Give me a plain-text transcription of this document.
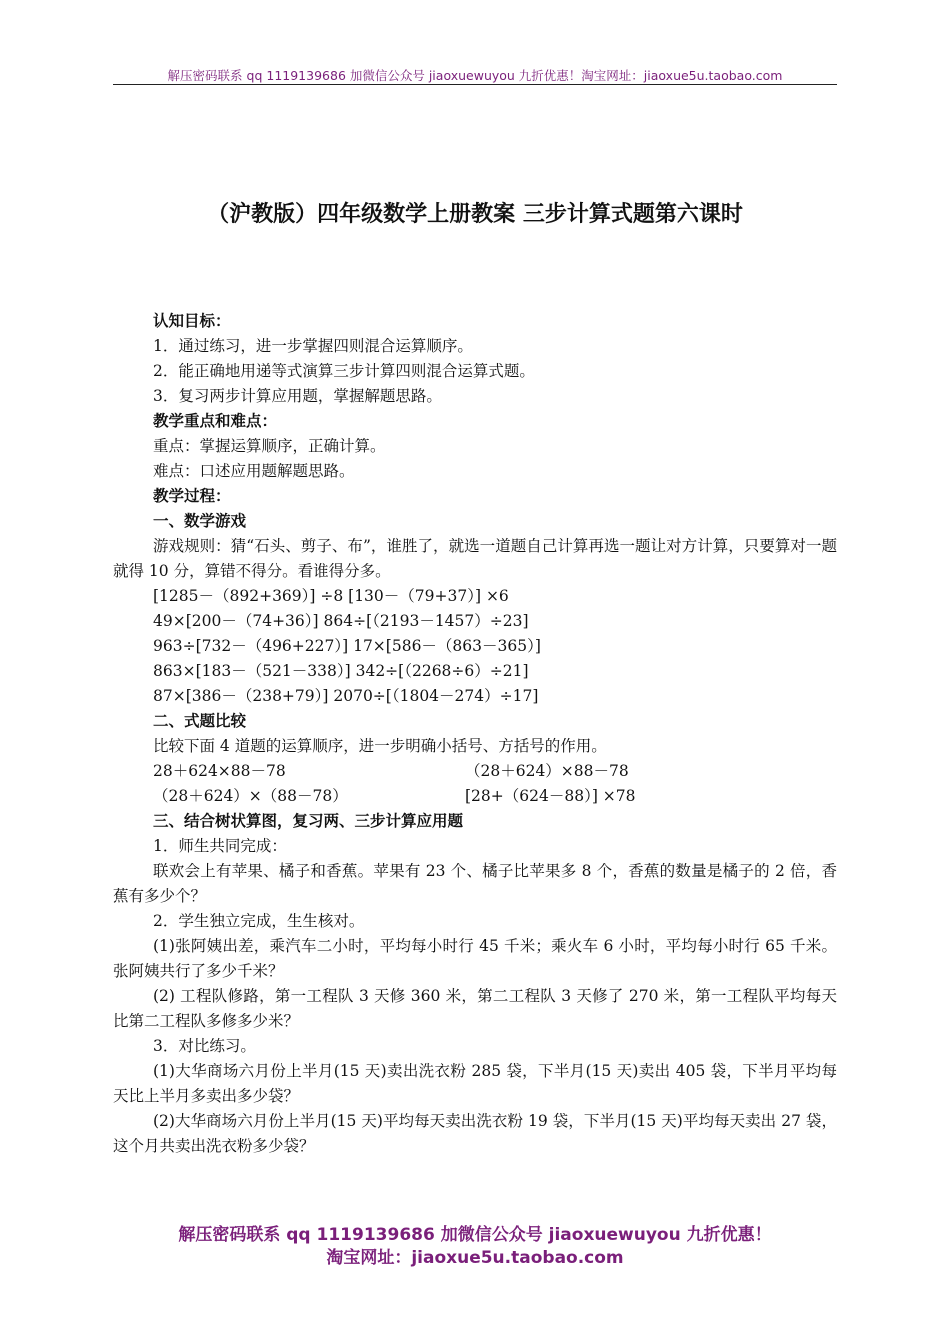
解压密码联系 qq 1119139686 加微信公众号 jiaoxuewuyou 九折优惠！淘宝网址：jiaoxue5u.taobao.com
（沪教版）四年级数学上册教案 三步计算式题第六课时
认知目标：
1．通过练习，进一步掌握四则混合运算顺序。
2．能正确地用递等式演算三步计算四则混合运算式题。
3．复习两步计算应用题，掌握解题思路。
教学重点和难点：
重点：掌握运算顺序，正确计算。
难点：口述应用题解题思路。
教学过程：
一、数学游戏
游戏规则：猜“石头、剪子、布”，谁胜了，就选一道题自己计算再选一题让对方计算，只要算对一题就得 10 分，算错不得分。看谁得分多。
[1285－（892+369）] ÷8 [130－（79+37）] ×6
49×[200－（74+36）] 864÷[（2193－1457）÷23]
963÷[732－（496+227）] 17×[586－（863－365）]
863×[183－（521－338）] 342÷[（2268÷6）÷21]
87×[386－（238+79）] 2070÷[（1804－274）÷17]
二、式题比较
比较下面 4 道题的运算顺序，进一步明确小括号、方括号的作用。
28＋624×88－78	（28＋624）×88－78
（28＋624）×（88－78）	[28+（624－88）] ×78
三、结合树状算图，复习两、三步计算应用题
1．师生共同完成：
联欢会上有苹果、橘子和香蕉。苹果有 23 个、橘子比苹果多 8 个，香蕉的数量是橘子的 2 倍，香蕉有多少个？
2．学生独立完成，生生核对。
(1)张阿姨出差，乘汽车二小时，平均每小时行 45 千米；乘火车 6 小时，平均每小时行 65 千米。张阿姨共行了多少千米？
(2) 工程队修路，第一工程队 3 天修 360 米，第二工程队 3 天修了 270 米，第一工程队平均每天比第二工程队多修多少米？
3．对比练习。
(1)大华商场六月份上半月(15 天)卖出洗衣粉 285 袋，下半月(15 天)卖出 405 袋，下半月平均每天比上半月多卖出多少袋？
(2)大华商场六月份上半月(15 天)平均每天卖出洗衣粉 19 袋，下半月(15 天)平均每天卖出 27 袋，这个月共卖出洗衣粉多少袋？
解压密码联系 qq 1119139686 加微信公众号 jiaoxuewuyou 九折优惠！
淘宝网址：jiaoxue5u.taobao.com
